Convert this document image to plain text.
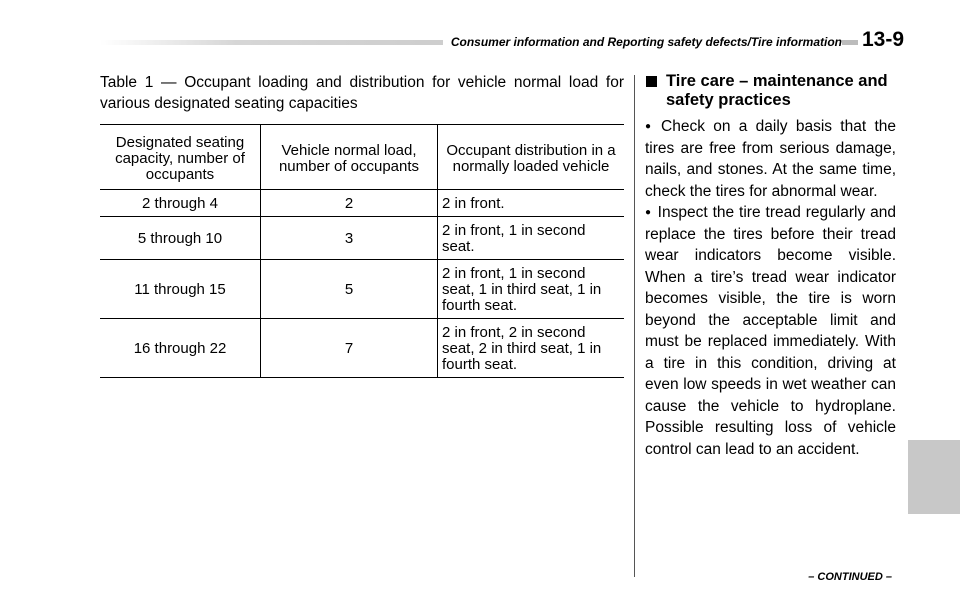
Consumer information and Reporting safety defects/Tire information 13-9

Table 1 — Occupant loading and distribution for vehicle normal load for various designated seating capacities

Designated seating capacity, number of occupants	Vehicle normal load, number of occupants	Occupant distribution in a normally loaded vehicle
2 through 4	2	2 in front.
5 through 10	3	2 in front, 1 in second seat.
11 through 15	5	2 in front, 1 in second seat, 1 in third seat, 1 in fourth seat.
16 through 22	7	2 in front, 2 in second seat, 2 in third seat, 1 in fourth seat.
Tire care – maintenance and safety practices

● Check on a daily basis that the tires are free from serious damage, nails, and stones. At the same time, check the tires for abnormal wear.

● Inspect the tire tread regularly and replace the tires before their tread wear indicators become visible. When a tire’s tread wear indicator becomes visible, the tire is worn beyond the acceptable limit and must be replaced immediately. With a tire in this condition, driving at even low speeds in wet weather can cause the vehicle to hydroplane. Possible resulting loss of vehicle control can lead to an accident.

– CONTINUED –
